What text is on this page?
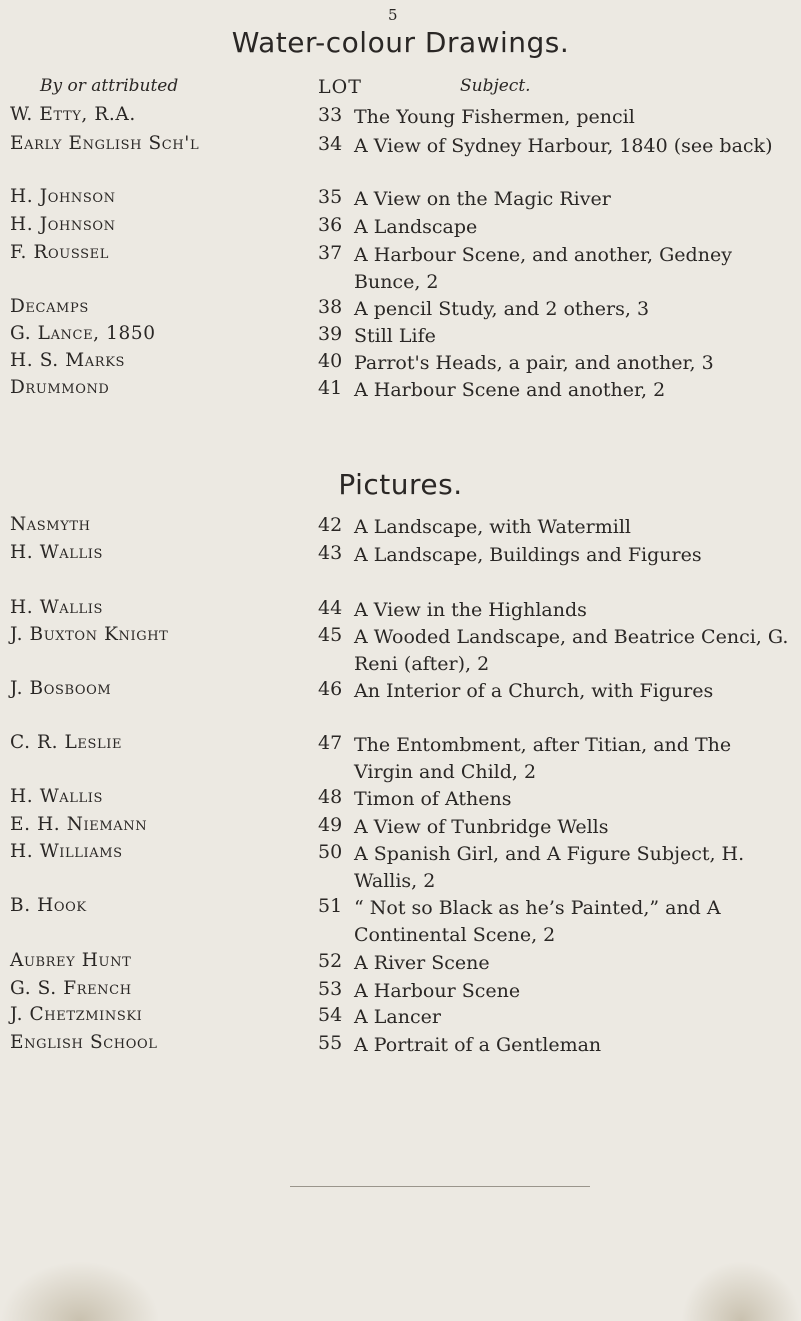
5
Water-colour Drawings.
By or attributed	LOT	Subject.
W. Etty, R.A.	33 The Young Fishermen, pencil
Early English Sch'l	34 A View of Sydney Harbour, 1840 (see back)
H. Johnson	35 A View on the Magic River
H. Johnson	36 A Landscape
F. Roussel	37 A Harbour Scene, and another, Gedney Bunce, 2
Decamps	38 A pencil Study, and 2 others, 3
G. Lance, 1850	39 Still Life
H. S. Marks	40 Parrot's Heads, a pair, and another, 3
Drummond	41 A Harbour Scene and another, 2
Pictures.
Nasmyth	42 A Landscape, with Watermill
H. Wallis	43 A Landscape, Buildings and Figures
H. Wallis	44 A View in the Highlands
J. Buxton Knight	45 A Wooded Landscape, and Beatrice Cenci, G. Reni (after), 2
J. Bosboom	46 An Interior of a Church, with Figures
C. R. Leslie	47 The Entombment, after Titian, and The Virgin and Child, 2
H. Wallis	48 Timon of Athens
E. H. Niemann	49 A View of Tunbridge Wells
H. Williams	50 A Spanish Girl, and A Figure Subject, H. Wallis, 2
B. Hook	51 “ Not so Black as he’s Painted,” and A Continental Scene, 2
Aubrey Hunt	52 A River Scene
G. S. French	53 A Harbour Scene
J. Chetzminski	54 A Lancer
English School	55 A Portrait of a Gentleman
